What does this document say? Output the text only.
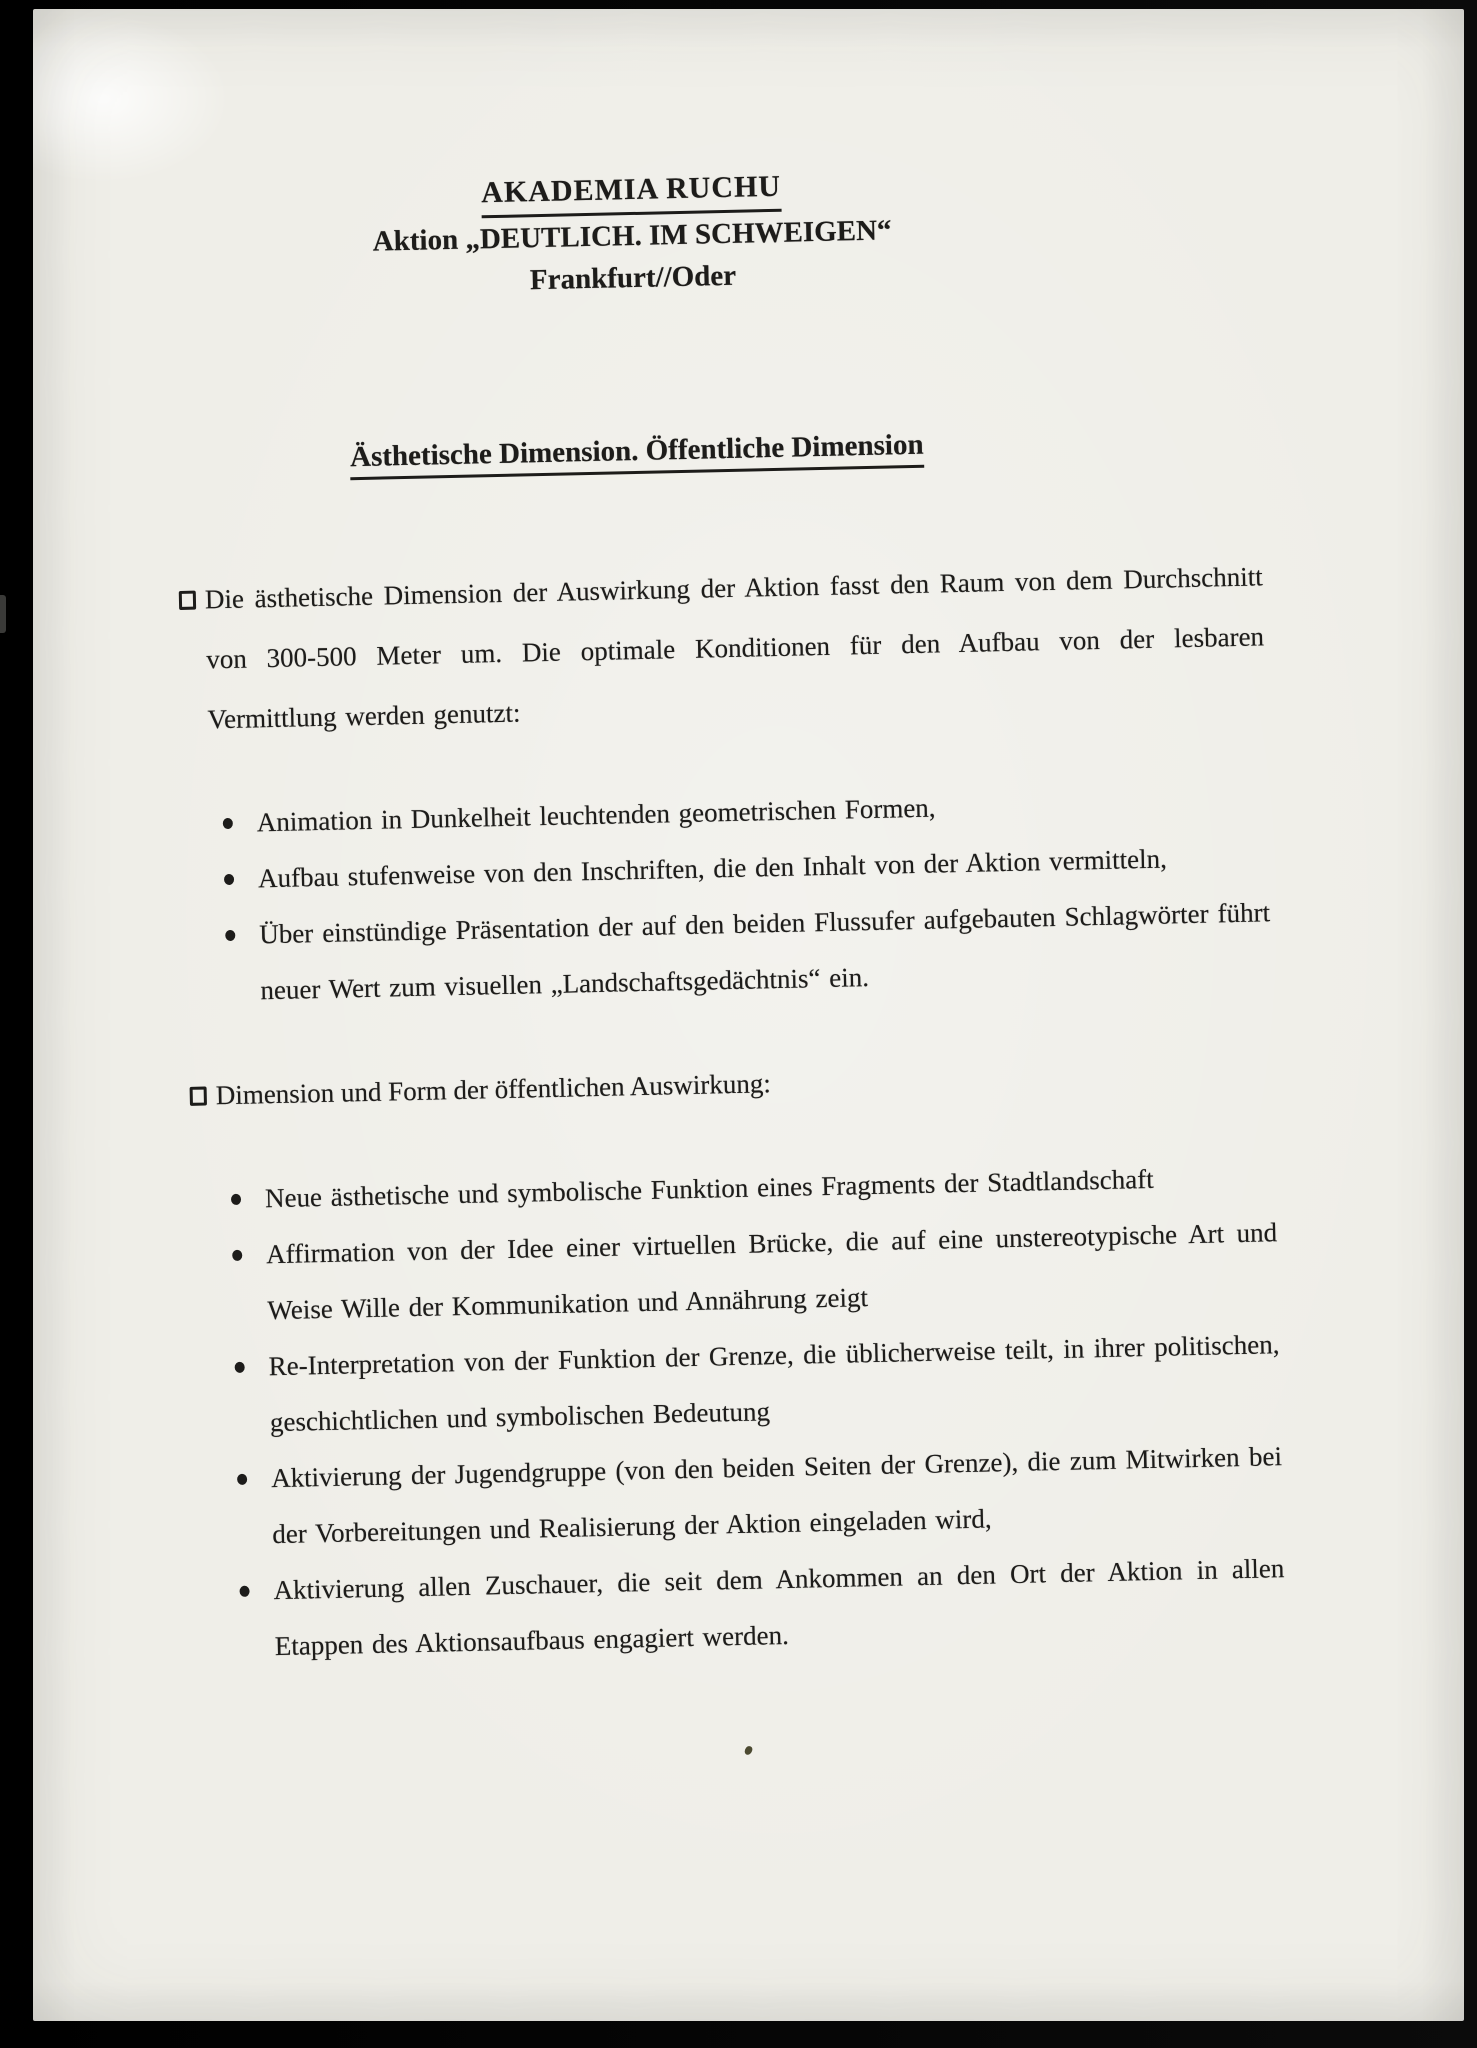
AKADEMIA RUCHU
Aktion „DEUTLICH. IM SCHWEIGEN“
Frankfurt//Oder
Ästhetische Dimension. Öffentliche Dimension

Die ästhetische Dimension der Auswirkung der Aktion fasst den Raum von dem Durchschnitt von 300-500 Meter um. Die optimale Konditionen für den Aufbau von der lesbaren Vermittlung werden genutzt:

Animation in Dunkelheit leuchtenden geometrischen Formen,
Aufbau stufenweise von den Inschriften, die den Inhalt von der Aktion vermitteln,
Über einstündige Präsentation der auf den beiden Flussufer aufgebauten Schlagwörter führt neuer Wert zum visuellen „Landschaftsgedächtnis“ ein.

Dimension und Form der öffentlichen Auswirkung:

Neue ästhetische und symbolische Funktion eines Fragments der Stadtlandschaft
Affirmation von der Idee einer virtuellen Brücke, die auf eine unstereotypische Art und Weise Wille der Kommunikation und Annährung zeigt
Re-Interpretation von der Funktion der Grenze, die üblicherweise teilt, in ihrer politischen, geschichtlichen und symbolischen Bedeutung
Aktivierung der Jugendgruppe (von den beiden Seiten der Grenze), die zum Mitwirken bei der Vorbereitungen und Realisierung der Aktion eingeladen wird,
Aktivierung allen Zuschauer, die seit dem Ankommen an den Ort der Aktion in allen Etappen des Aktionsaufbaus engagiert werden.
